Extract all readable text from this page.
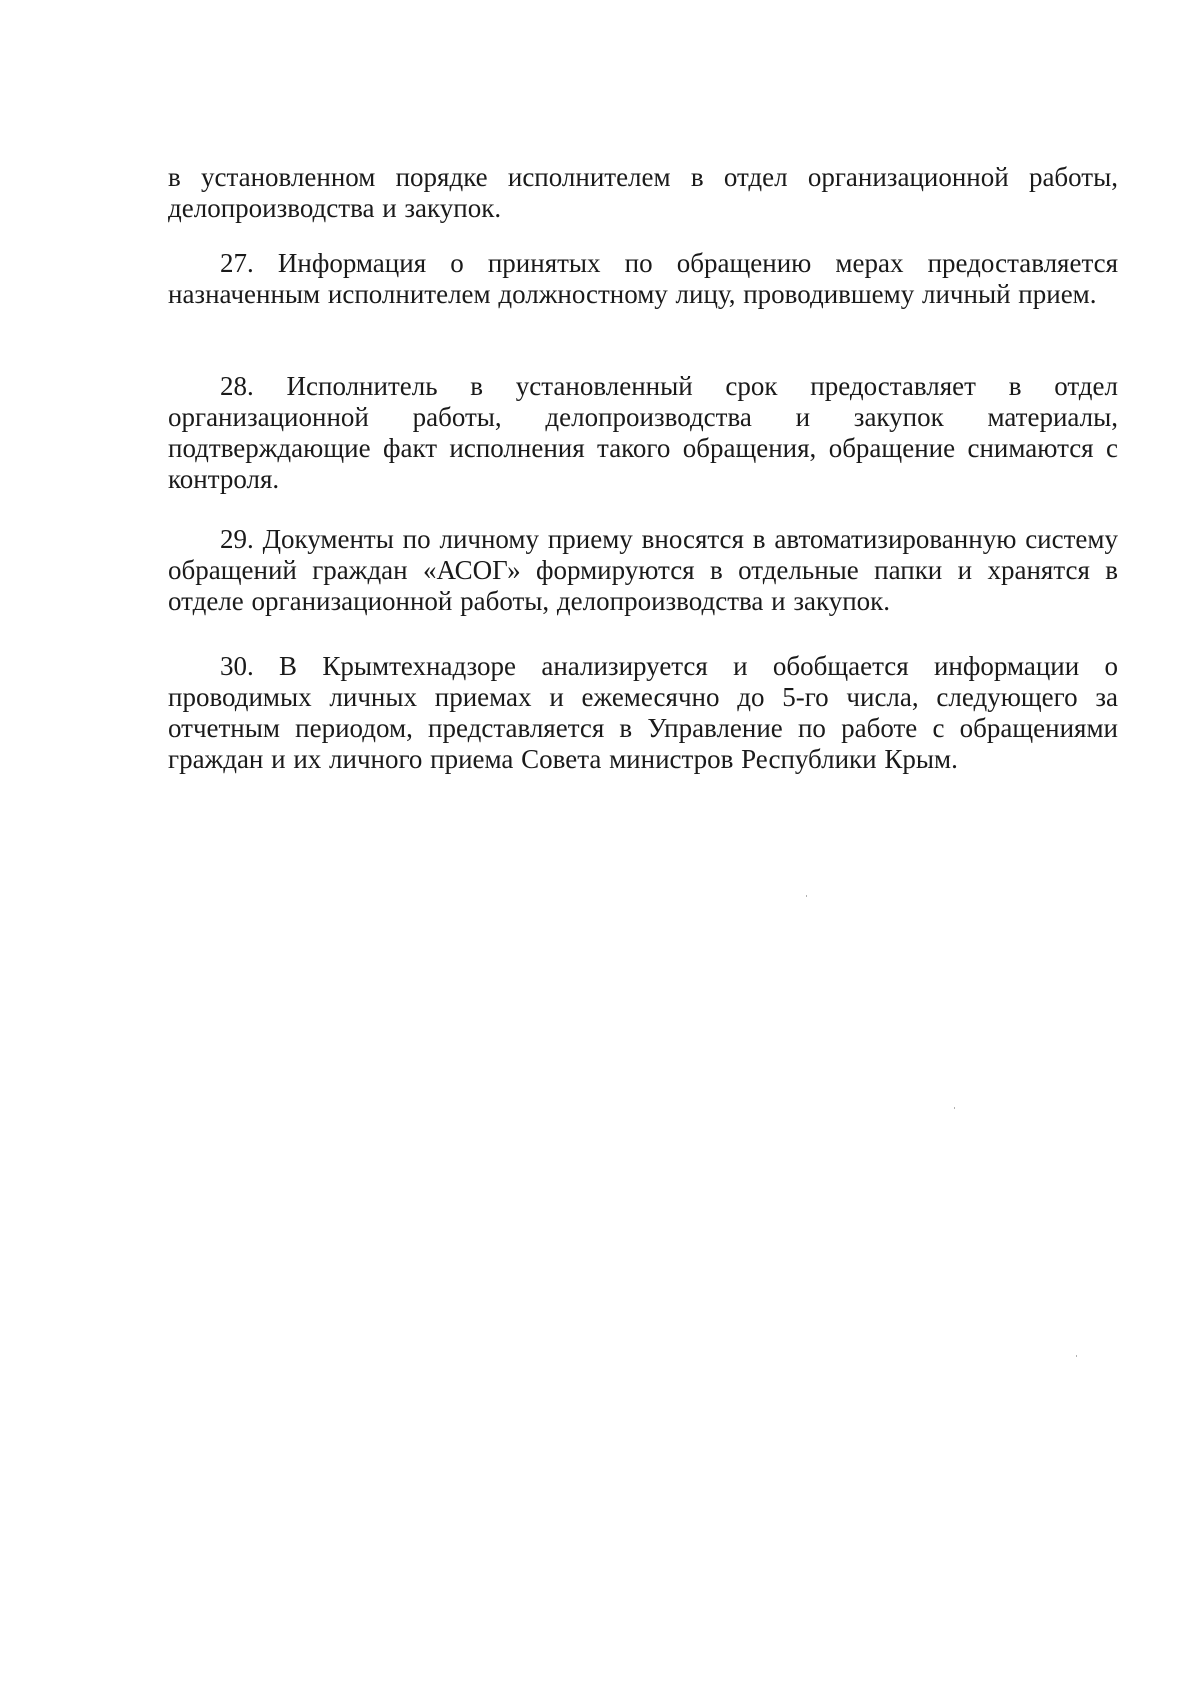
в установленном порядке исполнителем в отдел организационной работы, делопроизводства и закупок.

27. Информация о принятых по обращению мерах предоставляется назначенным исполнителем должностному лицу, проводившему личный прием.

28. Исполнитель в установленный срок предоставляет в отдел организационной работы, делопроизводства и закупок материалы, подтверждающие факт исполнения такого обращения, обращение снимаются с контроля.

29. Документы по личному приему вносятся в автоматизированную систему обращений граждан «АСОГ» формируются в отдельные папки и хранятся в отделе организационной работы, делопроизводства и закупок.

30. В Крымтехнадзоре анализируется и обобщается информации о проводимых личных приемах и ежемесячно до 5-го числа, следующего за отчетным периодом, представляется в Управление по работе с обращениями граждан и их личного приема Совета министров Республики Крым.
